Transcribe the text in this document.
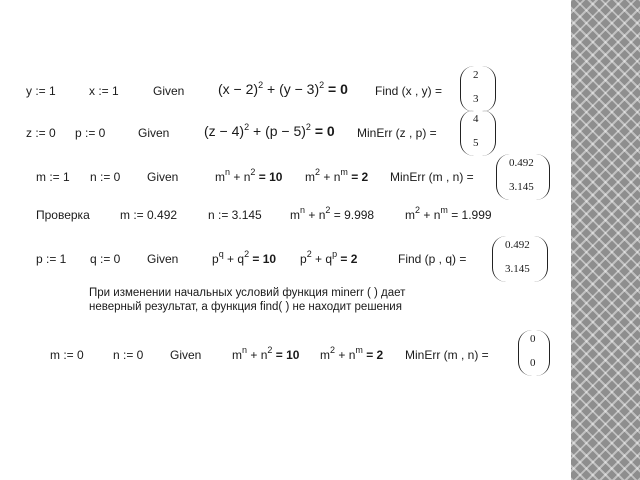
y := 1	x := 1	Given $(x - 2)^2 + (y - 3)^2 = 0$ Find (x , y) =
2
3
z := 0 p := 0	Given $(z - 4)^2 + (p - 5)^2 = 0$ MinErr (z , p) =
4
5
m := 1 n := 0 Given	$m^n + n^2 = 10$ $m^2 + n^m = 2$ MinErr (m , n) =
0.492
3.145
Проверка	m := 0.492	n := 3.145 $m^n + n^2 = 9.998$	$m^2 + n^m = 1.999$
p := 1 q := 0 Given	$p^q + q^2 = 10$ $p^2 + q^p = 2$	Find (p , q) =
0.492
3.145
При изменении начальных условий функция minerr ( ) дает
неверный результат, а функция find( ) не находит решения
m := 0 n := 0 Given	$m^n + n^2 = 10$ $m^2 + n^m = 2$ MinErr (m , n) =
0
0
